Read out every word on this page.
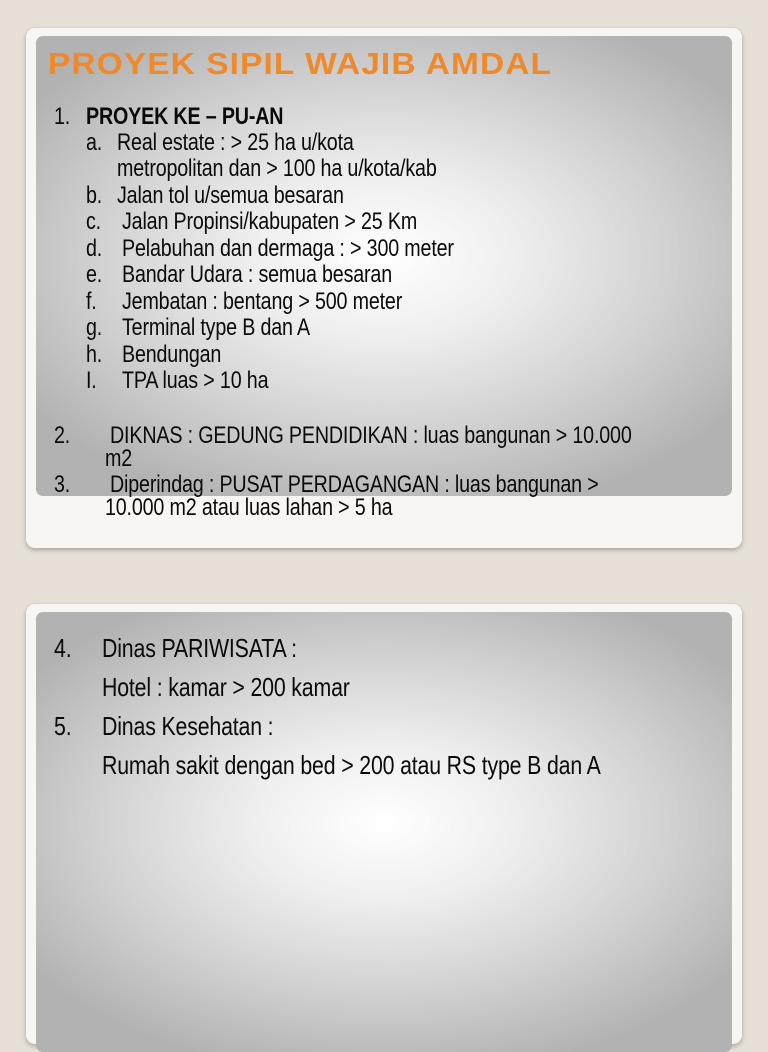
PROYEK SIPIL WAJIB AMDAL
1. PROYEK KE – PU-AN
a. Real estate : > 25 ha u/kota
metropolitan dan > 100 ha u/kota/kab
b. Jalan tol u/semua besaran
c. Jalan Propinsi/kabupaten > 25 Km
d. Pelabuhan dan dermaga : > 300 meter
e. Bandar Udara : semua besaran
f. Jembatan : bentang > 500 meter
g. Terminal type B dan A
h. Bendungan
I. TPA luas > 10 ha
2. DIKNAS : GEDUNG PENDIDIKAN : luas bangunan > 10.000
m2
3. Diperindag : PUSAT PERDAGANGAN : luas bangunan >
10.000 m2 atau luas lahan > 5 ha
4. Dinas PARIWISATA :
Hotel : kamar > 200 kamar
5. Dinas Kesehatan :
Rumah sakit dengan bed > 200 atau RS type B dan A
